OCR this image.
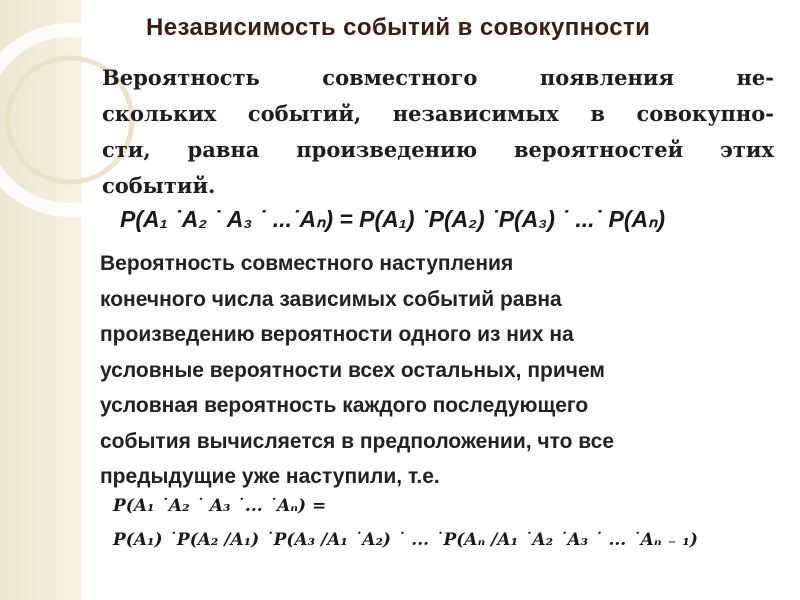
Независимость событий в совокупности
Вероятность совместного появления не-
скольких событий, независимых в совокупно-
сти, равна произведению вероятностей этих
событий.
P(A₁ ˙A₂ ˙ A₃ ˙ ...˙Aₙ) = P(A₁) ˙P(A₂) ˙P(A₃) ˙ ...˙ P(Aₙ)
Вероятность совместного наступления
конечного числа зависимых событий равна
произведению вероятности одного из них на
условные вероятности всех остальных, причем
условная вероятность каждого последующего
события вычисляется в предположении, что все
предыдущие уже наступили, т.е.
P(A₁ ˙A₂ ˙ A₃ ˙... ˙Aₙ) =
P(A₁) ˙P(A₂ /A₁) ˙P(A₃ /A₁ ˙A₂) ˙ ... ˙P(Aₙ /A₁ ˙A₂ ˙A₃ ˙ ... ˙Aₙ ₋ ₁)
